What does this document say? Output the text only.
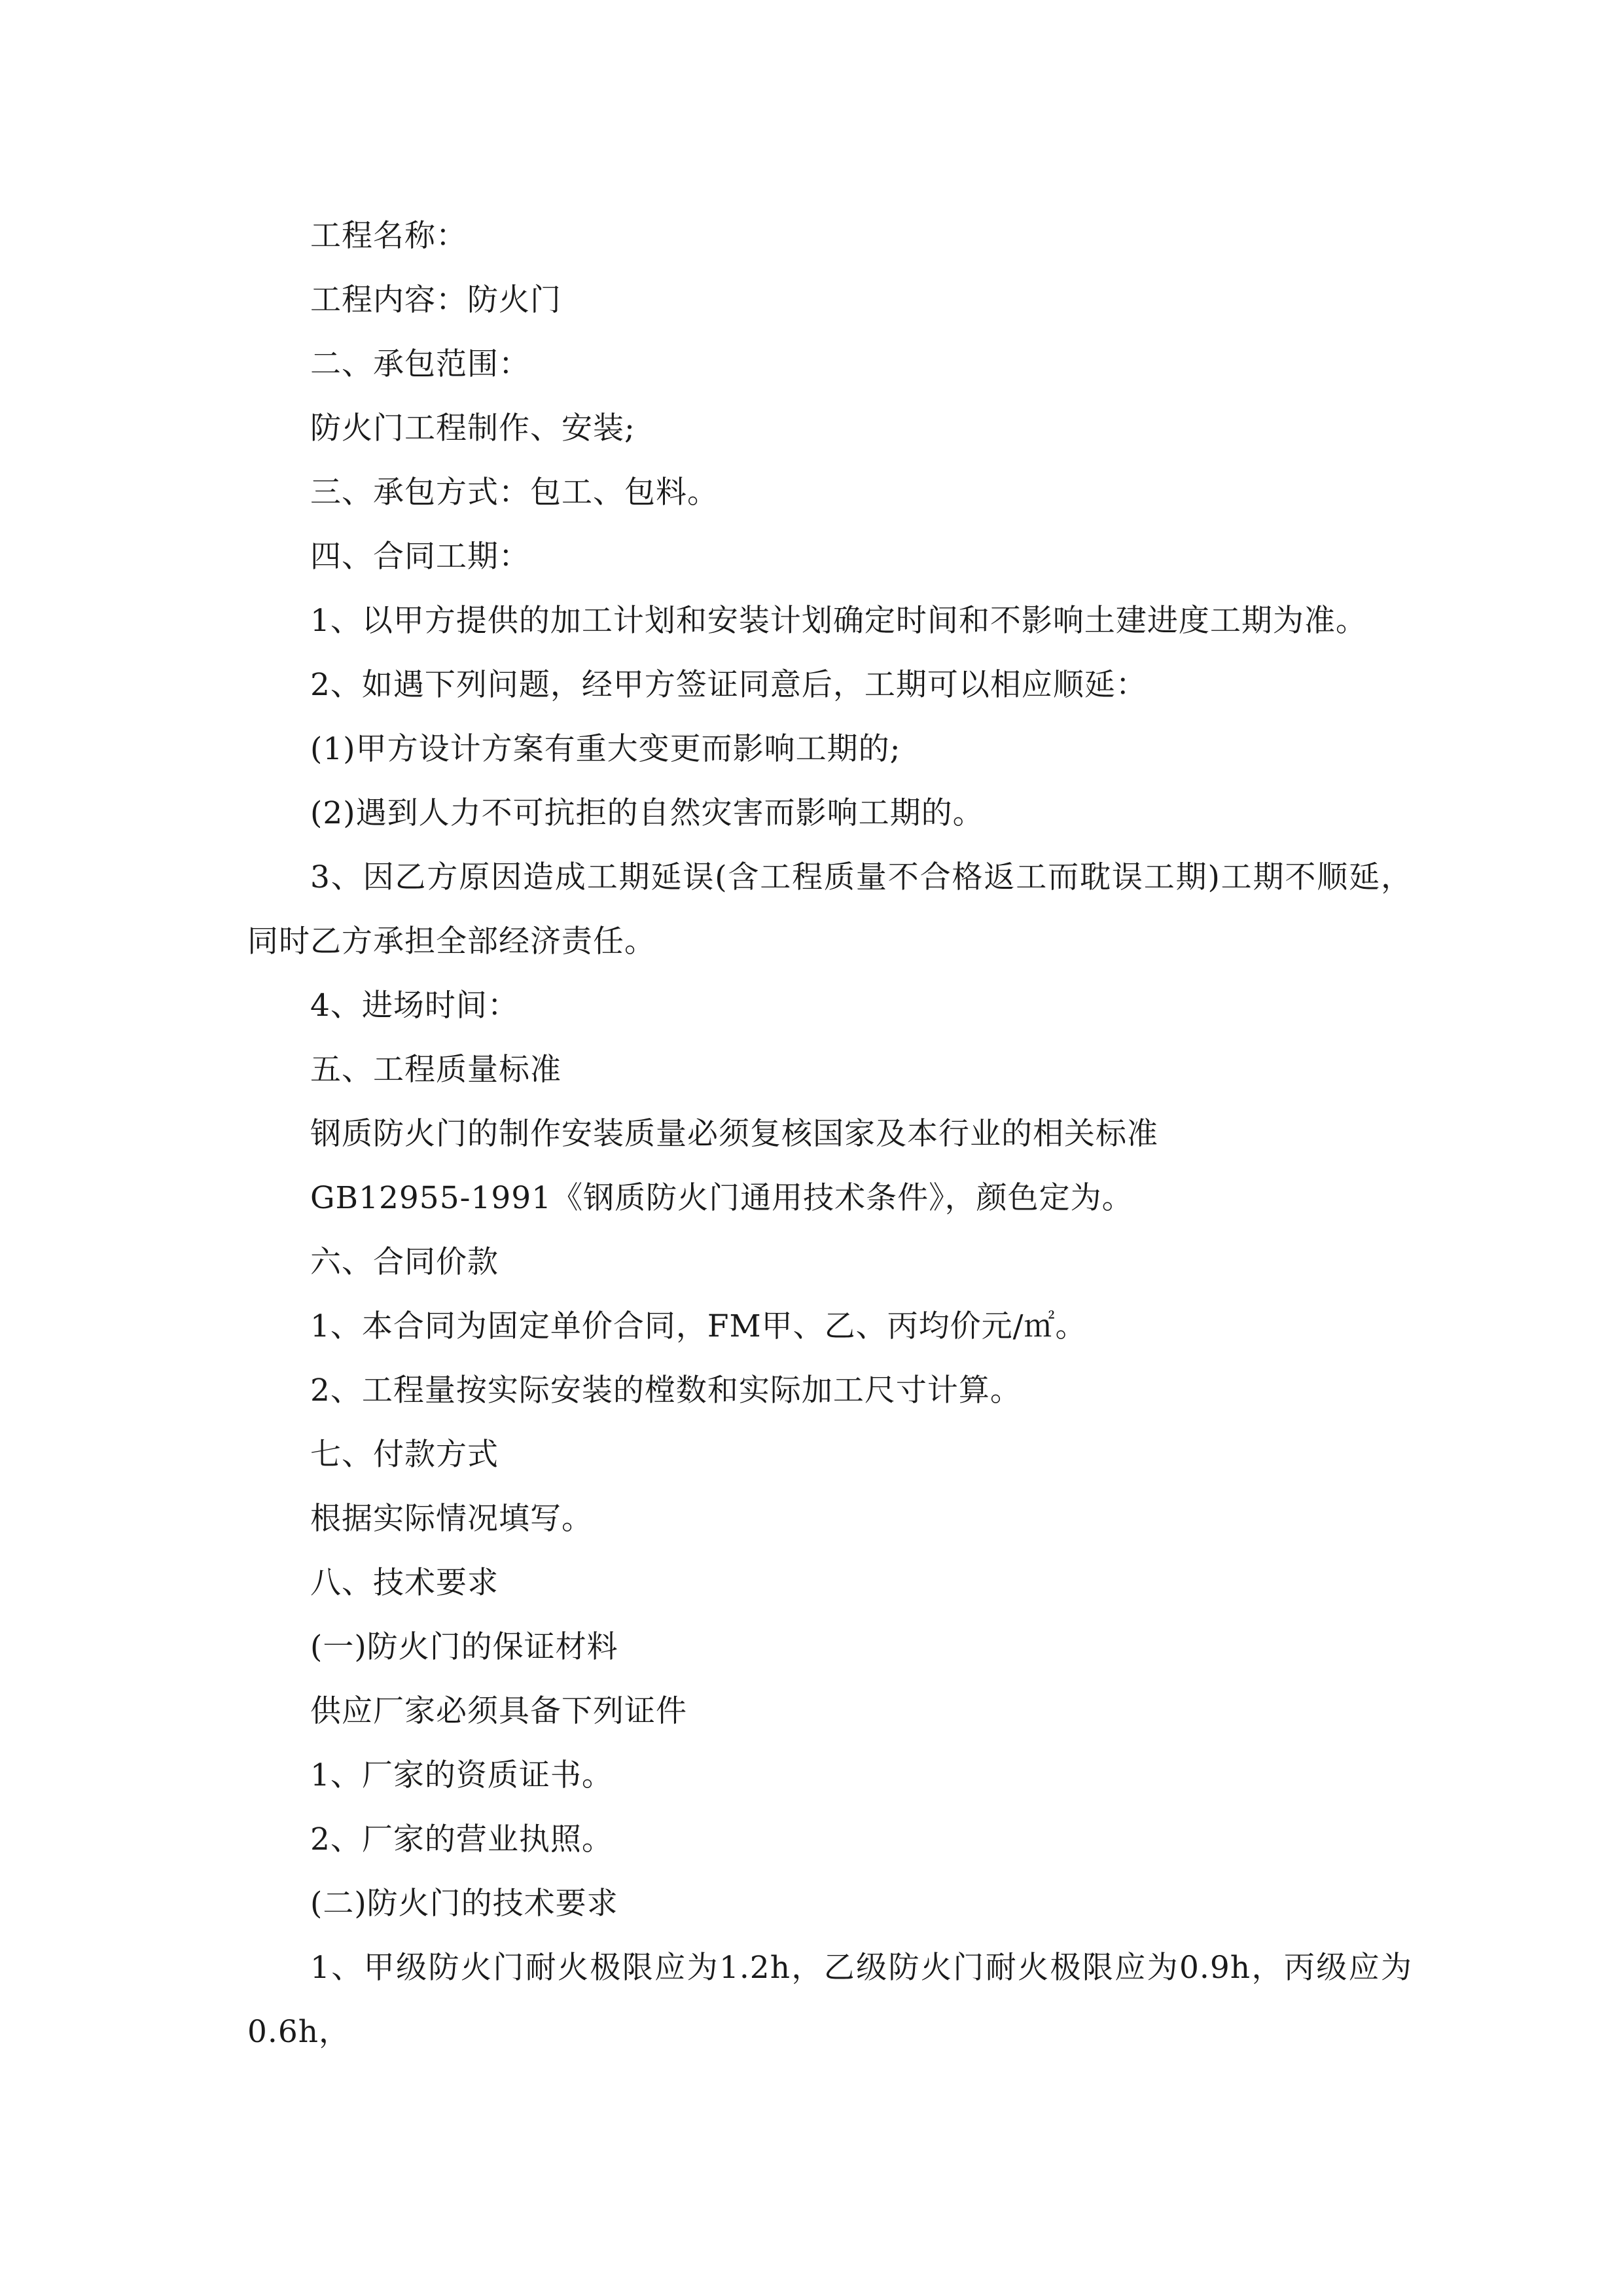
工程名称：
工程内容：防火门
二、承包范围：
防火门工程制作、安装;
三、承包方式：包工、包料。
四、合同工期：
1、以甲方提供的加工计划和安装计划确定时间和不影响土建进度工期为准。
2、如遇下列问题，经甲方签证同意后，工期可以相应顺延：
(1)甲方设计方案有重大变更而影响工期的;
(2)遇到人力不可抗拒的自然灾害而影响工期的。

3、因乙方原因造成工期延误(含工程质量不合格返工而耽误工期)工期不顺延，同时乙方承担全部经济责任。

4、进场时间：
五、工程质量标准
钢质防火门的制作安装质量必须复核国家及本行业的相关标准
GB12955-1991《钢质防火门通用技术条件》，颜色定为。
六、合同价款
1、本合同为固定单价合同，FM甲、乙、丙均价元/㎡。
2、工程量按实际安装的樘数和实际加工尺寸计算。
七、付款方式
根据实际情况填写。
八、技术要求
(一)防火门的保证材料
供应厂家必须具备下列证件
1、厂家的资质证书。
2、厂家的营业执照。
(二)防火门的技术要求

1、甲级防火门耐火极限应为1.2h，乙级防火门耐火极限应为0.9h，丙级应为0.6h，
